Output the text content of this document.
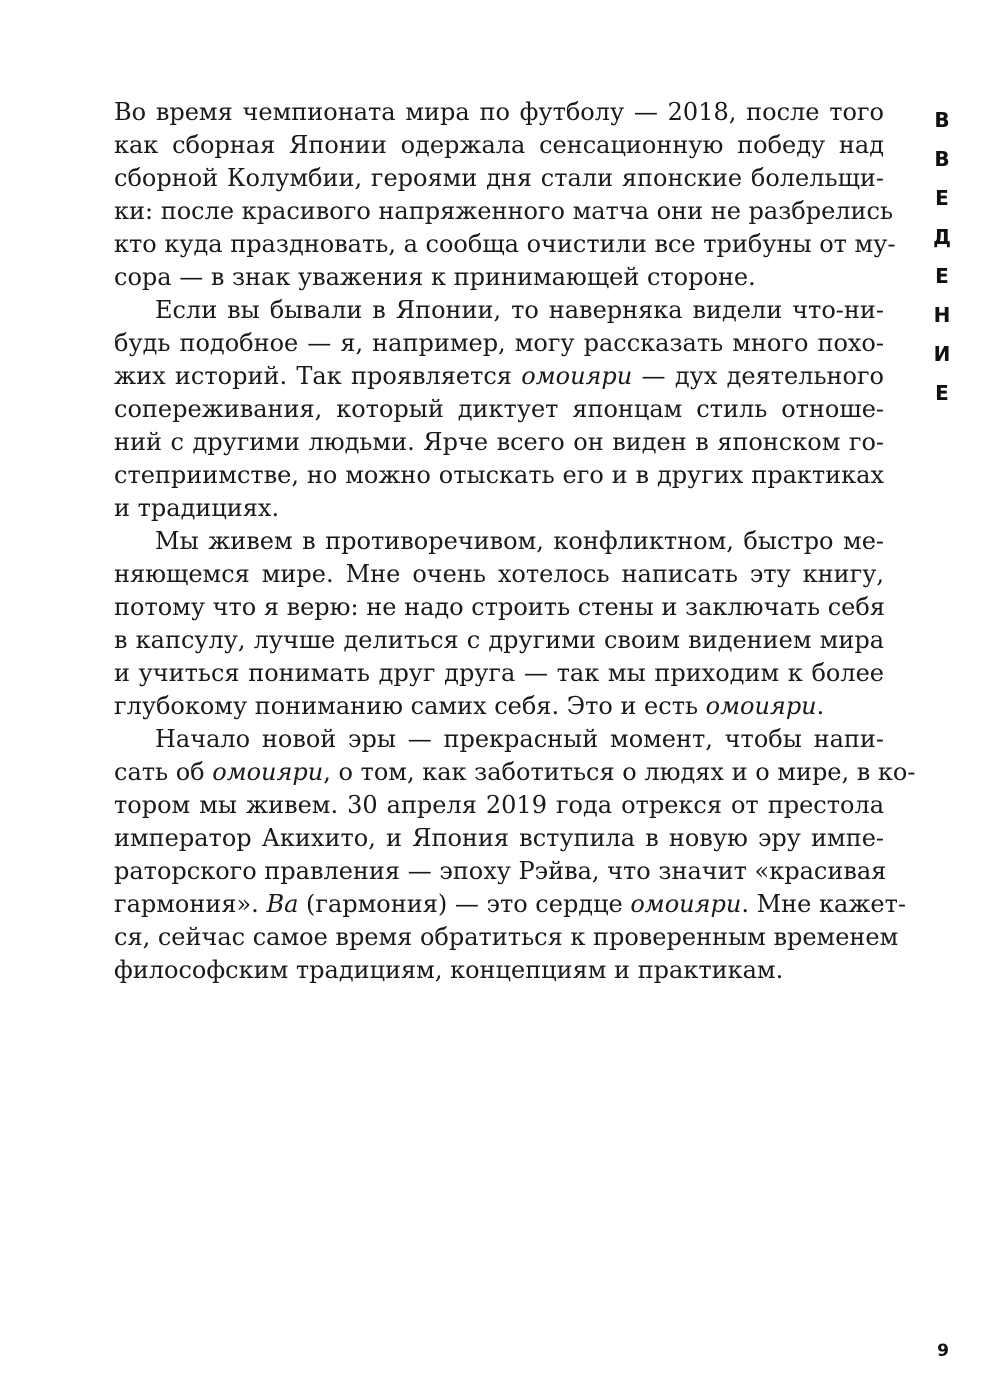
Во время чемпионата мира по футболу — 2018, после того
как сборная Японии одержала сенсационную победу над
сборной Колумбии, героями дня стали японские болельщи-
ки: после красивого напряженного матча они не разбрелись
кто куда праздновать, а сообща очистили все трибуны от му-
сора — в знак уважения к принимающей стороне.
Если вы бывали в Японии, то наверняка видели что-ни-
будь подобное — я, например, могу рассказать много похо-
жих историй. Так проявляется омоияри — дух деятельного
сопереживания, который диктует японцам стиль отноше-
ний с другими людьми. Ярче всего он виден в японском го-
степриимстве, но можно отыскать его и в других практиках
и традициях.
Мы живем в противоречивом, конфликтном, быстро ме-
няющемся мире. Мне очень хотелось написать эту книгу,
потому что я верю: не надо строить стены и заключать себя
в капсулу, лучше делиться с другими своим видением мира
и учиться понимать друг друга — так мы приходим к более
глубокому пониманию самих себя. Это и есть омоияри.
Начало новой эры — прекрасный момент, чтобы напи-
сать об омоияри, о том, как заботиться о людях и о мире, в ко-
тором мы живем. 30 апреля 2019 года отрекся от престола
император Акихито, и Япония вступила в новую эру импе-
раторского правления — эпоху Рэйва, что значит «красивая
гармония». Ва (гармония) — это сердце омоияри. Мне кажет-
ся, сейчас самое время обратиться к проверенным временем
философским традициям, концепциям и практикам.
В
В
Е
Д
Е
Н
И
Е
9
